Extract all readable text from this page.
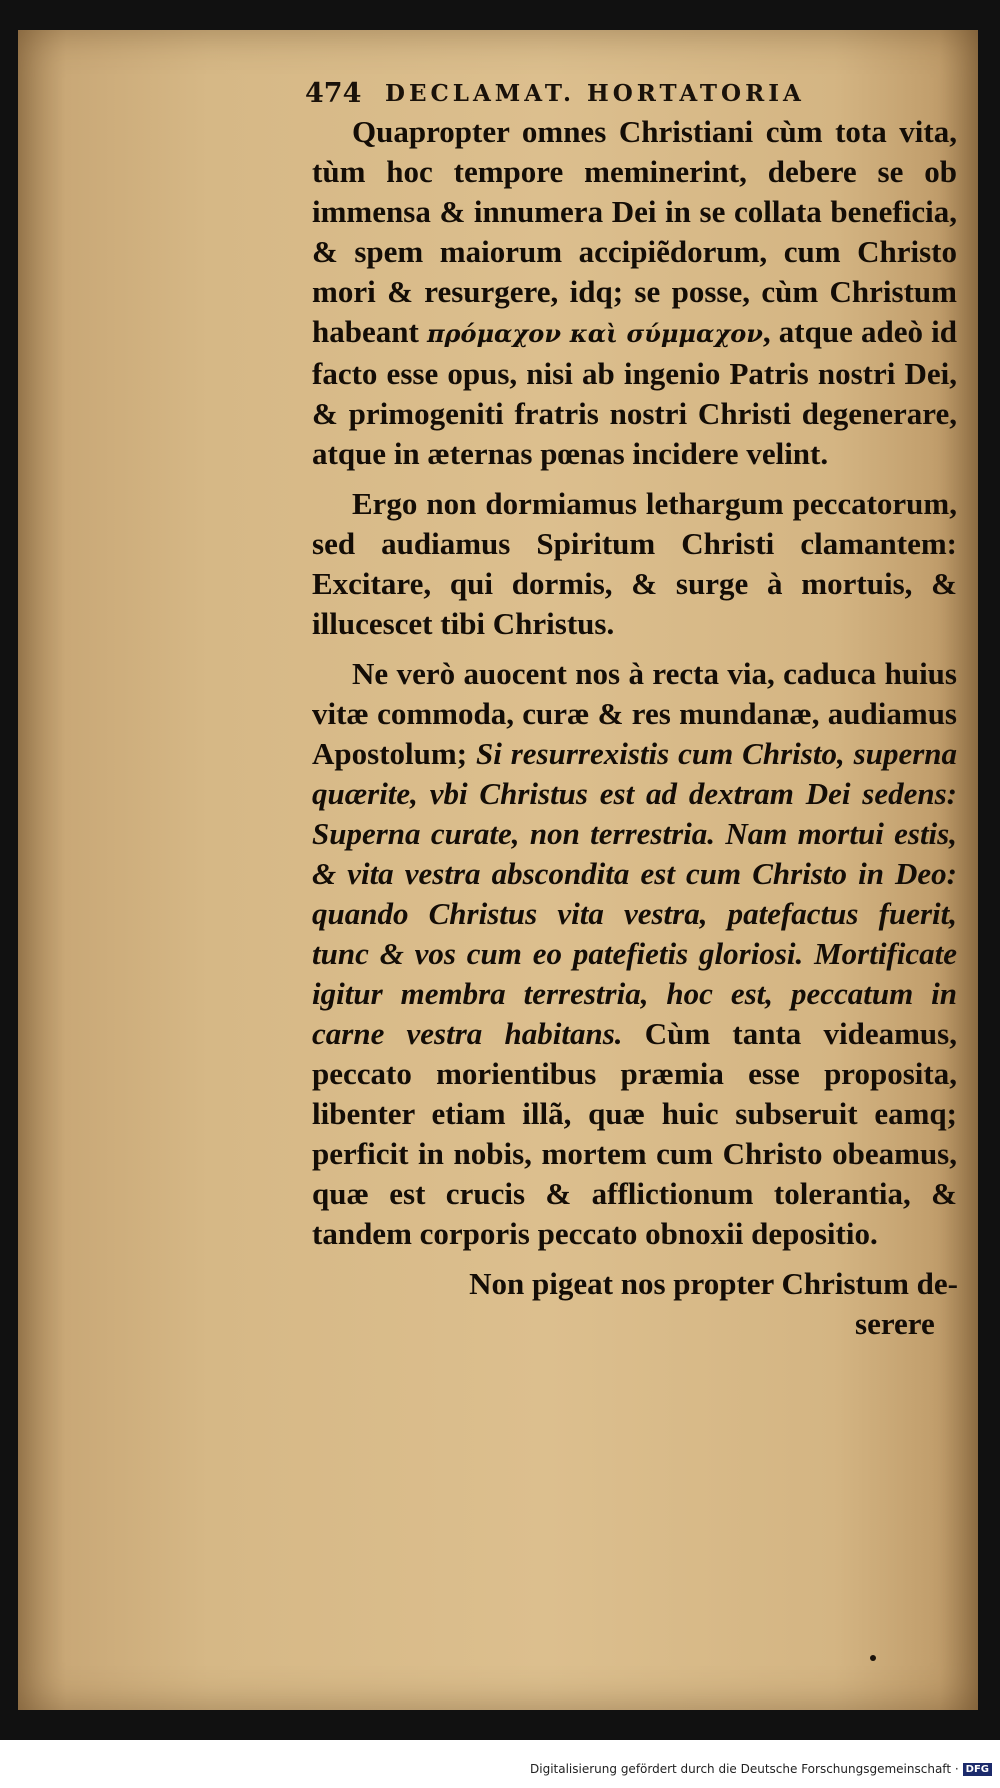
474 DECLAMAT. HORTATORIA

Quapropter omnes Christiani cùm tota vita, tùm hoc tempore meminerint, debere se ob immensa & innumera Dei in se collata beneficia, & spem maiorum accipiẽdorum, cum Christo mori & resurgere, idq; se posse, cùm Christum habeant πρόμαχον καὶ σύμμαχον, atque adeò id facto esse opus, nisi ab ingenio Patris nostri Dei, & primogeniti fratris nostri Christi degenerare, atque in æternas pœnas incidere velint.

Ergo non dormiamus lethargum peccatorum, sed audiamus Spiritum Christi clamantem: Excitare, qui dormis, & surge à mortuis, & illucescet tibi Christus.

Ne verò auocent nos à recta via, caduca huius vitæ commoda, curæ & res mundanæ, audiamus Apostolum; Si resurrexistis cum Christo, superna quærite, vbi Christus est ad dextram Dei sedens: Superna curate, non terrestria. Nam mortui estis, & vita vestra abscondita est cum Christo in Deo: quando Christus vita vestra, patefactus fuerit, tunc & vos cum eo patefietis gloriosi. Mortificate igitur membra terrestria, hoc est, peccatum in carne vestra habitans. Cùm tanta videamus, peccato morientibus præmia esse proposita, libenter etiam illã, quæ huic subseruit eamq; perficit in nobis, mortem cum Christo obeamus, quæ est crucis & afflictionum tolerantia, & tandem corporis peccato obnoxii depositio.

Non pigeat nos propter Christum de-
serere
Digitalisierung gefördert durch die Deutsche Forschungsgemeinschaft · DFG
